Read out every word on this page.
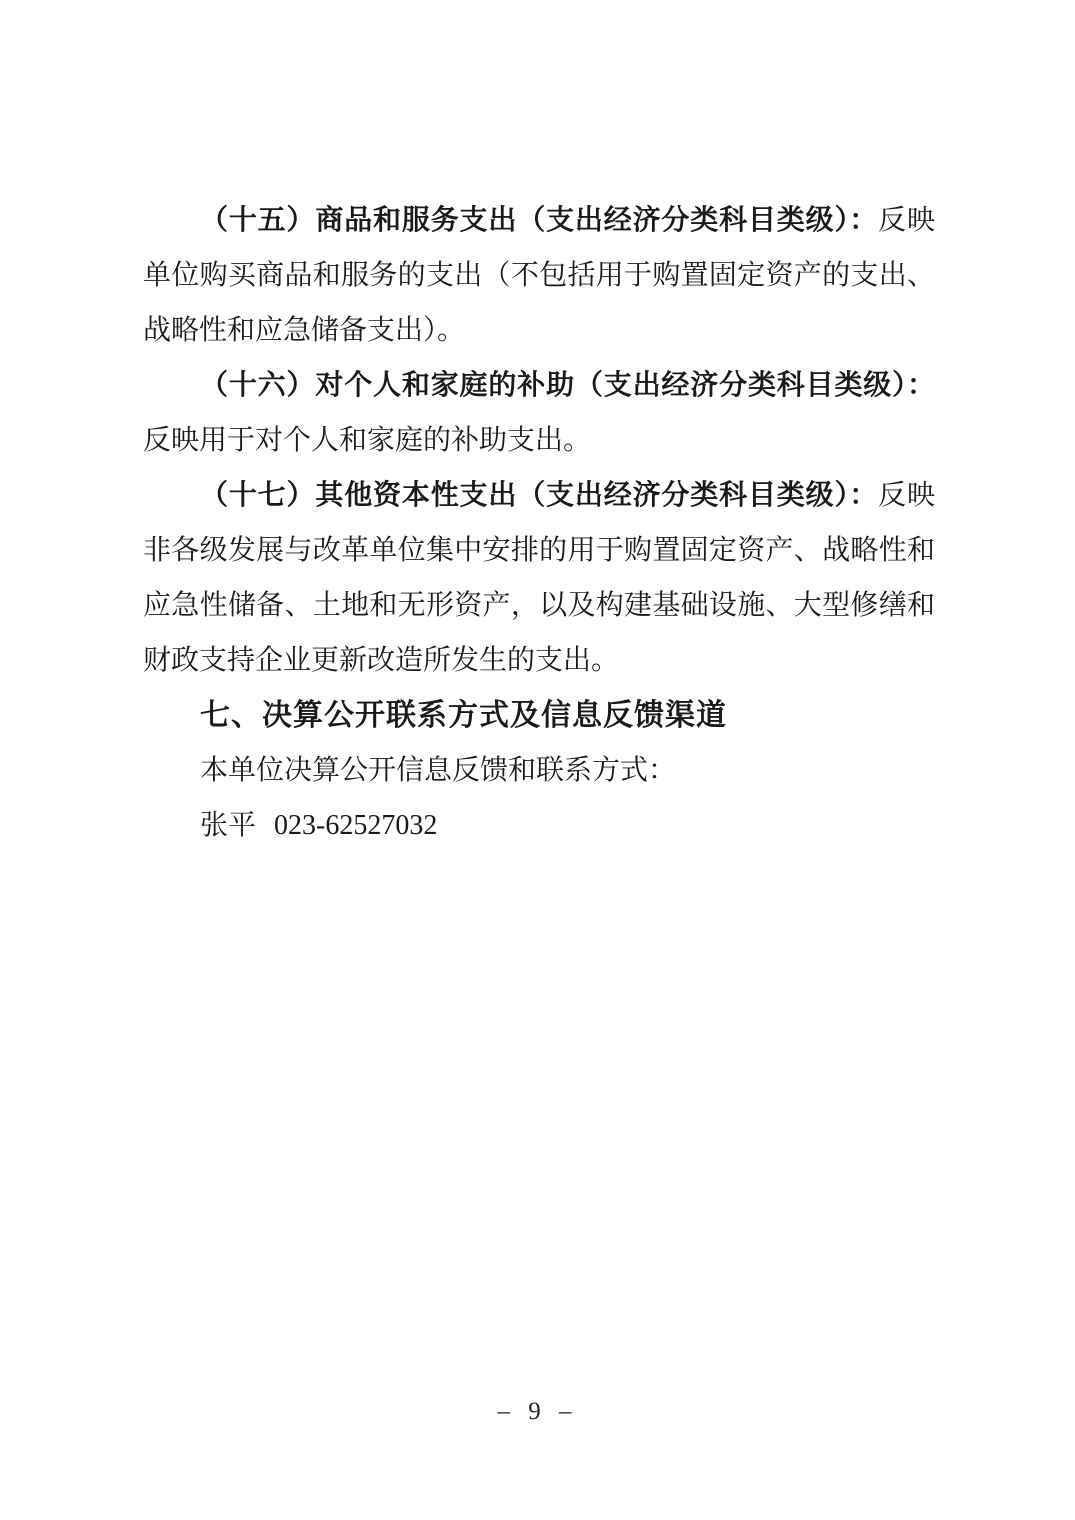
（十五）商品和服务支出（支出经济分类科目类级）：反映
单位购买商品和服务的支出（不包括用于购置固定资产的支出、
战略性和应急储备支出）。
（十六）对个人和家庭的补助（支出经济分类科目类级）：
反映用于对个人和家庭的补助支出。
（十七）其他资本性支出（支出经济分类科目类级）：反映
非各级发展与改革单位集中安排的用于购置固定资产、战略性和
应急性储备、土地和无形资产，以及构建基础设施、大型修缮和
财政支持企业更新改造所发生的支出。
七、决算公开联系方式及信息反馈渠道
本单位决算公开信息反馈和联系方式：
张平 023-62527032
– 9 –
